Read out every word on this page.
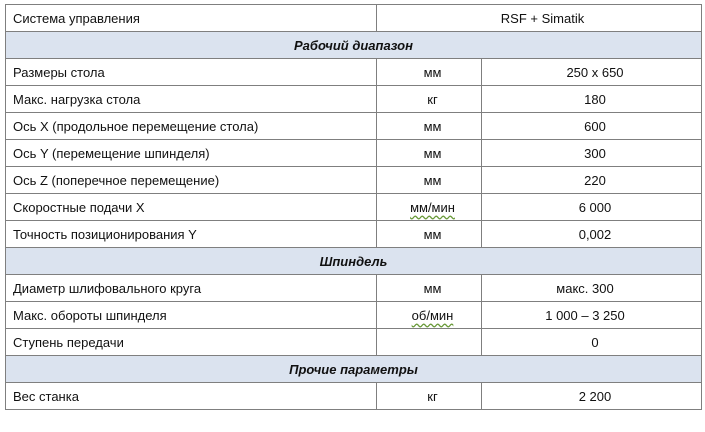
Система управления	RSF + Simatik	
Рабочий диапазон		
Размеры стола	мм	250 x 650
Макс. нагрузка стола	кг	180
Ось X (продольное перемещение стола)	мм	600
Ось Y (перемещение шпинделя)	мм	300
Ось Z (поперечное перемещение)	мм	220
Скоростные подачи X	мм/мин	6 000
Точность позиционирования Y	мм	0,002
Шпиндель		
Диаметр шлифовального круга	мм	макс. 300
Макс. обороты шпинделя	об/мин	1 000 – 3 250
Ступень передачи		0
Прочие параметры		
Вес станка	кг	2 200
